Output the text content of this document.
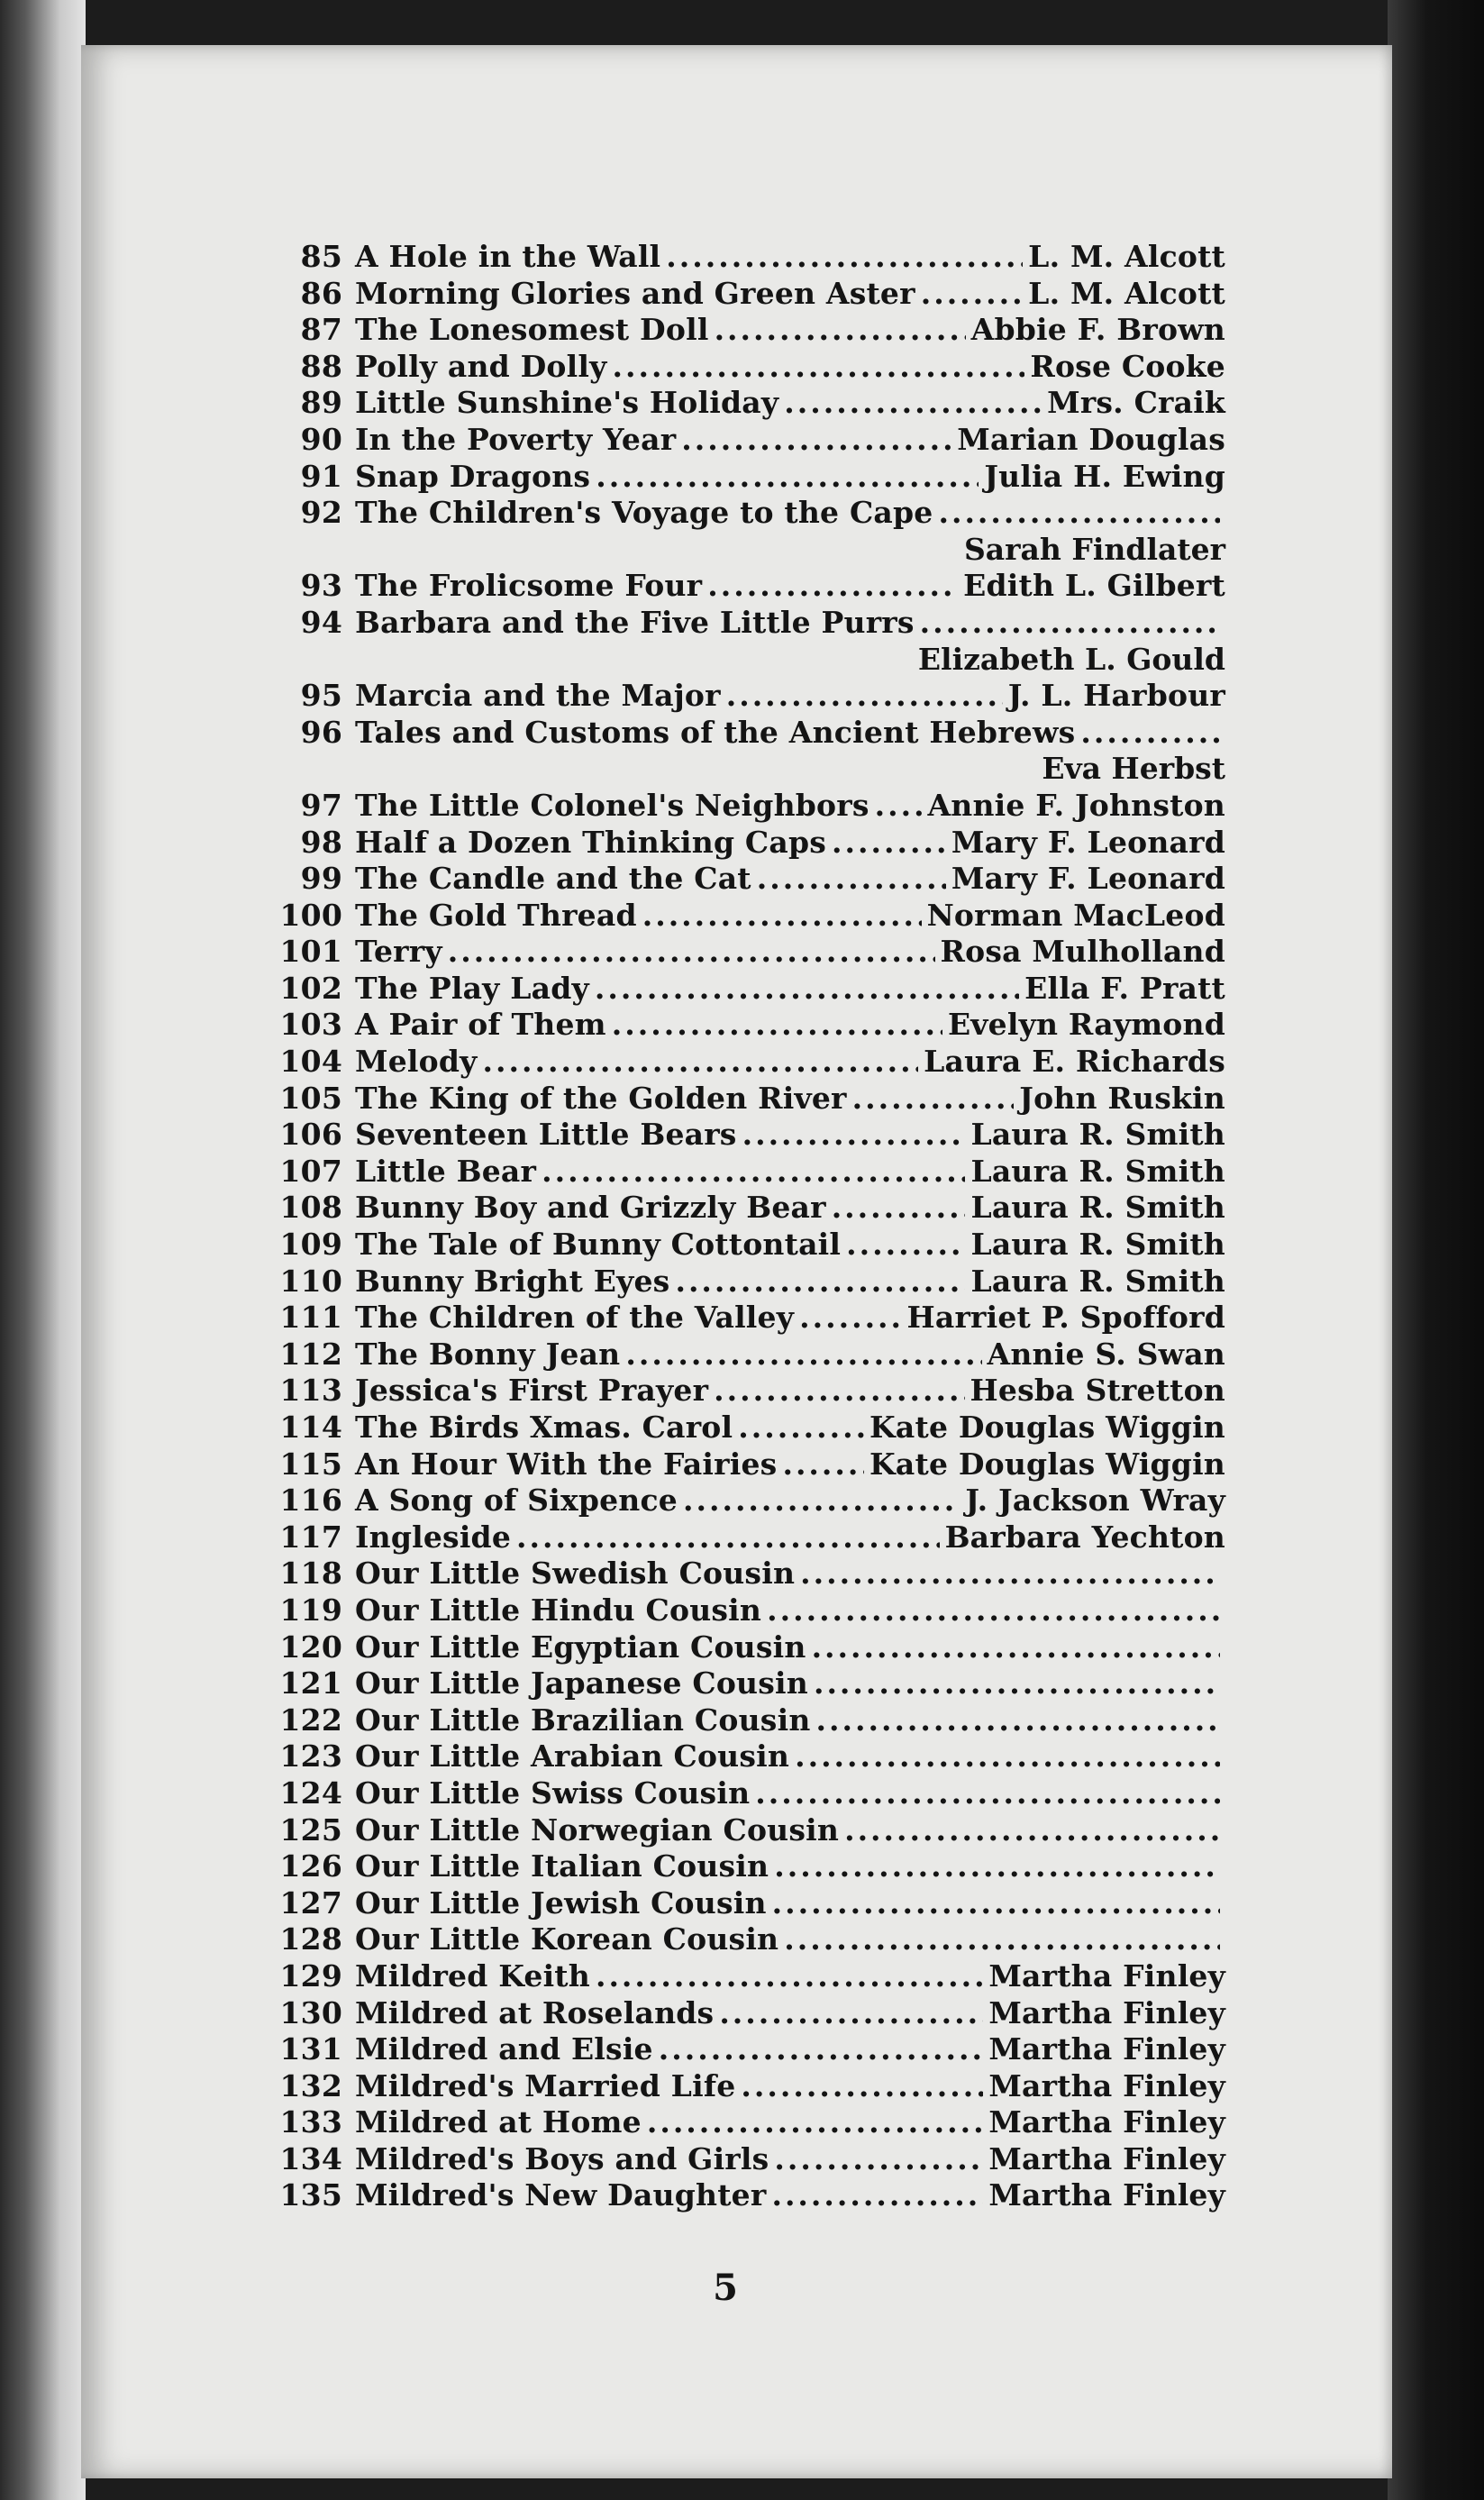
85 A Hole in the Wall .....	L. M. Alcott
86 Morning Glories and Green Aster .....	L. M. Alcott
87 The Lonesomest Doll .....	Abbie F. Brown
88 Polly and Dolly .....	Rose Cooke
89 Little Sunshine's Holiday .....	Mrs. Craik
90 In the Poverty Year .....	Marian Douglas
91 Snap Dragons .....	Julia H. Ewing
92 The Children's Voyage to the Cape
.....
Sarah Findlater
93 The Frolicsome Four .....	Edith L. Gilbert
94 Barbara and the Five Little Purrs
.....
Elizabeth L. Gould
95 Marcia and the Major .....	J. L. Harbour
96 Tales and Customs of the Ancient Hebrews
.....
Eva Herbst
97 The Little Colonel's Neighbors ..... Annie F. Johnston
98 Half a Dozen Thinking Caps .....	Mary F. Leonard
99 The Candle and the Cat .....	Mary F. Leonard
100 The Gold Thread .....	Norman MacLeod
101 Terry .....	Rosa Mulholland
102 The Play Lady .....	Ella F. Pratt
103 A Pair of Them .....	Evelyn Raymond
104 Melody .....	Laura E. Richards
105 The King of the Golden River .....	John Ruskin
106 Seventeen Little Bears .....	Laura R. Smith
107 Little Bear .....	Laura R. Smith
108 Bunny Boy and Grizzly Bear .....	Laura R. Smith
109 The Tale of Bunny Cottontail .....	Laura R. Smith
110 Bunny Bright Eyes .....	Laura R. Smith
111 The Children of the Valley .....	Harriet P. Spofford
112 The Bonny Jean .....	Annie S. Swan
113 Jessica's First Prayer .....	Hesba Stretton
114 The Birds Xmas. Carol .....	Kate Douglas Wiggin
115 An Hour With the Fairies .....	Kate Douglas Wiggin
116 A Song of Sixpence .....	J. Jackson Wray
117 Ingleside .....	Barbara Yechton
118 Our Little Swedish Cousin
.....
119 Our Little Hindu Cousin
.....
120 Our Little Egyptian Cousin
.....
121 Our Little Japanese Cousin
.....
122 Our Little Brazilian Cousin
.....
123 Our Little Arabian Cousin
.....
124 Our Little Swiss Cousin
.....
125 Our Little Norwegian Cousin
.....
126 Our Little Italian Cousin
.....
127 Our Little Jewish Cousin
.....
128 Our Little Korean Cousin
.....
129 Mildred Keith .....	Martha Finley
130 Mildred at Roselands .....	Martha Finley
131 Mildred and Elsie .....	Martha Finley
132 Mildred's Married Life .....	Martha Finley
133 Mildred at Home .....	Martha Finley
134 Mildred's Boys and Girls .....	Martha Finley
135 Mildred's New Daughter .....	Martha Finley
5
